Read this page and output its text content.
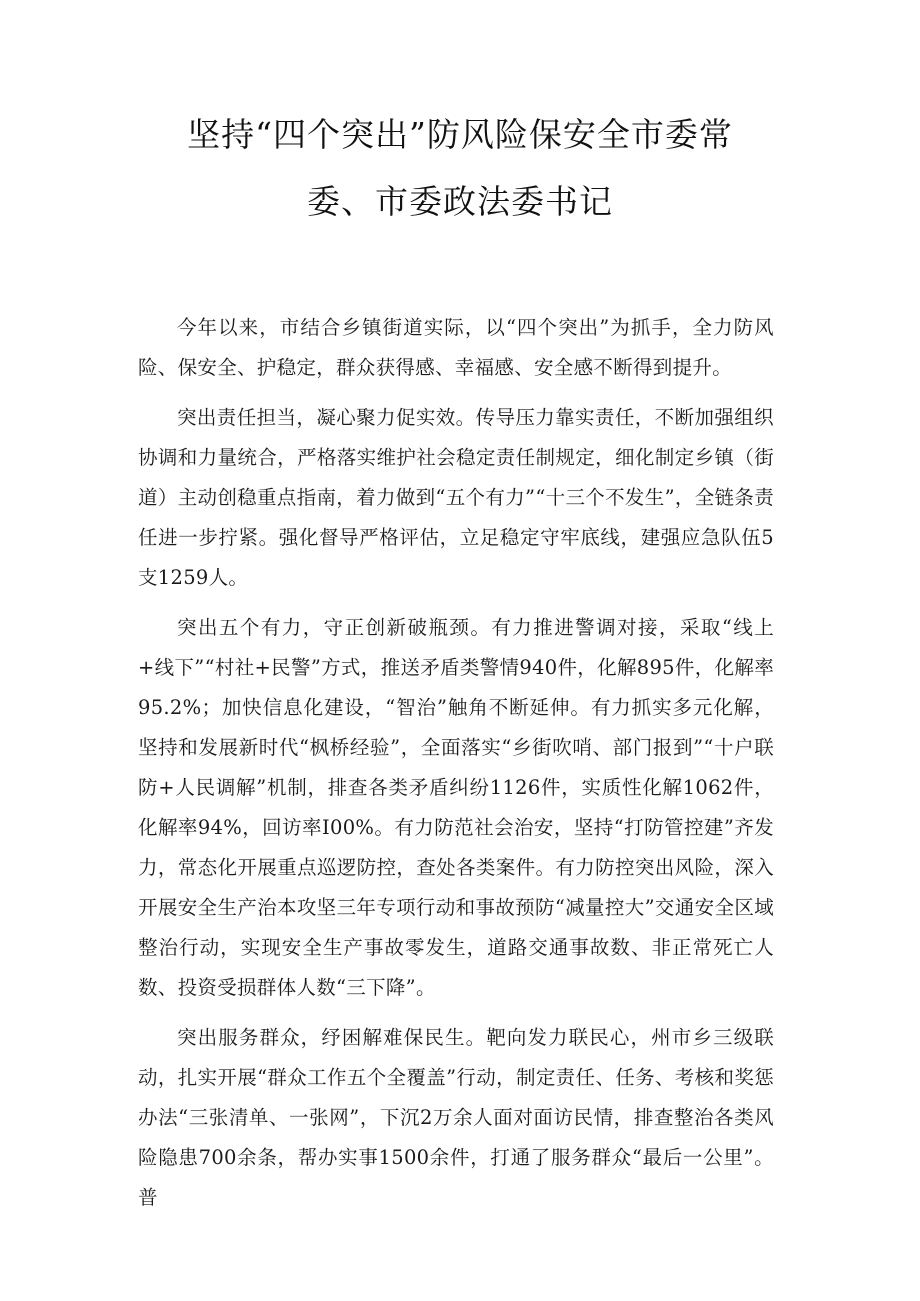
坚持“四个突出”防风险保安全市委常
委、市委政法委书记

今年以来，市结合乡镇街道实际，以“四个突出”为抓手，全力防风险、保安全、护稳定，群众获得感、幸福感、安全感不断得到提升。

突出责任担当，凝心聚力促实效。传导压力靠实责任，不断加强组织协调和力量统合，严格落实维护社会稳定责任制规定，细化制定乡镇（街道）主动创稳重点指南，着力做到“五个有力”“十三个不发生”，全链条责任进一步拧紧。强化督导严格评估，立足稳定守牢底线，建强应急队伍5支1259人。

突出五个有力，守正创新破瓶颈。有力推进警调对接，采取“线上+线下”“村社+民警”方式，推送矛盾类警情940件，化解895件，化解率95.2%；加快信息化建设，“智治”触角不断延伸。有力抓实多元化解，坚持和发展新时代“枫桥经验”，全面落实“乡街吹哨、部门报到”“十户联防+人民调解”机制，排查各类矛盾纠纷1126件，实质性化解1062件，化解率94%，回访率I00%。有力防范社会治安，坚持“打防管控建”齐发力，常态化开展重点巡逻防控，查处各类案件。有力防控突出风险，深入开展安全生产治本攻坚三年专项行动和事故预防“减量控大”交通安全区域整治行动，实现安全生产事故零发生，道路交通事故数、非正常死亡人数、投资受损群体人数“三下降”。

突出服务群众，纾困解难保民生。靶向发力联民心，州市乡三级联动，扎实开展“群众工作五个全覆盖”行动，制定责任、任务、考核和奖惩办法“三张清单、一张网”，下沉2万余人面对面访民情，排查整治各类风险隐患700余条，帮办实事1500余件，打通了服务群众“最后一公里”。普
